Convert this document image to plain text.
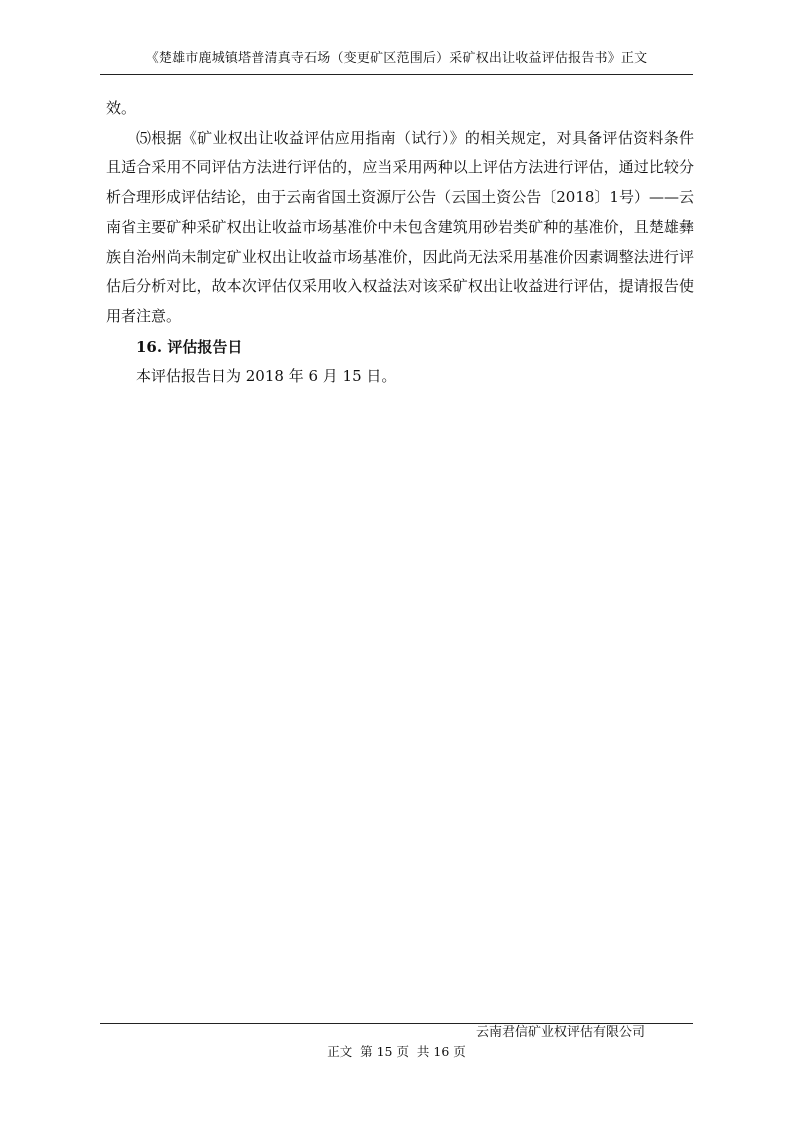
《楚雄市鹿城镇塔普清真寺石场（变更矿区范围后）采矿权出让收益评估报告书》正文

效。

⑸根据《矿业权出让收益评估应用指南（试行）》的相关规定，对具备评估资料条件且适合采用不同评估方法进行评估的，应当采用两种以上评估方法进行评估，通过比较分析合理形成评估结论，由于云南省国土资源厅公告（云国土资公告〔2018〕1号）——云南省主要矿种采矿权出让收益市场基准价中未包含建筑用砂岩类矿种的基准价，且楚雄彝族自治州尚未制定矿业权出让收益市场基准价，因此尚无法采用基准价因素调整法进行评估后分析对比，故本次评估仅采用收入权益法对该采矿权出让收益进行评估，提请报告使用者注意。

16. 评估报告日

本评估报告日为 2018 年 6 月 15 日。

云南君信矿业权评估有限公司
正文  第 15 页  共 16 页
